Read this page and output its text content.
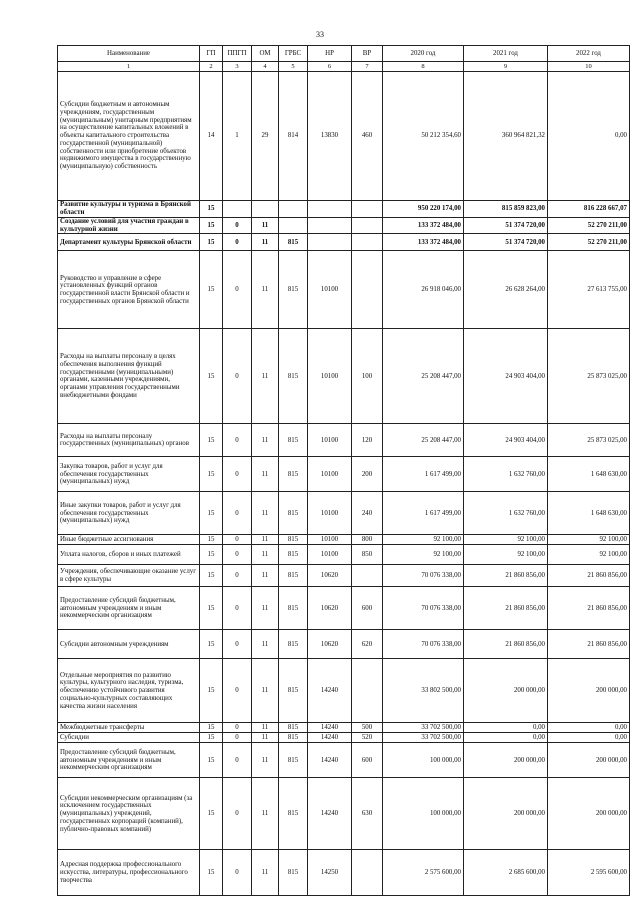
33
Наименование	ГП	ППГП	ОМ	ГРБС	НР	ВР	2020 год	2021 год	2022 год
1	2	3	4	5	6	7	8	9	10
Субсидии бюджетным и автономным учреждениям, государственным (муниципальным) унитарным предприятиям на осуществление капитальных вложений в объекты капитального строительства государственной (муниципальной) собственности или приобретение объектов недвижимого имущества в государственную (муниципальную) собственность	14	1	29	814	13830	460	50 212 354,60	360 964 821,32	0,00
Развитие культуры и туризма в Брянской области	15						950 220 174,00	815 859 823,00	816 228 667,07
Создание условий для участия граждан в культурной жизни	15	0	11				133 372 484,00	51 374 720,00	52 270 211,00
Департамент культуры Брянской области	15	0	11	815			133 372 484,00	51 374 720,00	52 270 211,00
Руководство и управление в сфере установленных функций органов государственной власти Брянской области и государственных органов Брянской области	15	0	11	815	10100		26 918 046,00	26 628 264,00	27 613 755,00
Расходы на выплаты персоналу в целях обеспечения выполнения функций государственными (муниципальными) органами, казенными учреждениями, органами управления государственными внебюджетными фондами	15	0	11	815	10100	100	25 208 447,00	24 903 404,00	25 873 025,00
Расходы на выплаты персоналу государственных (муниципальных) органов	15	0	11	815	10100	120	25 208 447,00	24 903 404,00	25 873 025,00
Закупка товаров, работ и услуг для обеспечения государственных (муниципальных) нужд	15	0	11	815	10100	200	1 617 499,00	1 632 760,00	1 648 630,00
Иные закупки товаров, работ и услуг для обеспечения государственных (муниципальных) нужд	15	0	11	815	10100	240	1 617 499,00	1 632 760,00	1 648 630,00
Иные бюджетные ассигнования	15	0	11	815	10100	800	92 100,00	92 100,00	92 100,00
Уплата налогов, сборов и иных платежей	15	0	11	815	10100	850	92 100,00	92 100,00	92 100,00
Учреждения, обеспечивающие оказание услуг в сфере культуры	15	0	11	815	10620		70 076 338,00	21 860 856,00	21 860 856,00
Предоставление субсидий бюджетным, автономным учреждениям и иным некоммерческим организациям	15	0	11	815	10620	600	70 076 338,00	21 860 856,00	21 860 856,00
Субсидии автономным учреждениям	15	0	11	815	10620	620	70 076 338,00	21 860 856,00	21 860 856,00
Отдельные мероприятия по развитию культуры, культурного наследия, туризма, обеспечению устойчивого развития социально-культурных составляющих качества жизни населения	15	0	11	815	14240		33 802 500,00	200 000,00	200 000,00
Межбюджетные трансферты	15	0	11	815	14240	500	33 702 500,00	0,00	0,00
Субсидии	15	0	11	815	14240	520	33 702 500,00	0,00	0,00
Предоставление субсидий бюджетным, автономным учреждениям и иным некоммерческим организациям	15	0	11	815	14240	600	100 000,00	200 000,00	200 000,00
Субсидии некоммерческим организациям (за исключением государственных (муниципальных) учреждений, государственных корпораций (компаний), публично-правовых компаний)	15	0	11	815	14240	630	100 000,00	200 000,00	200 000,00
Адресная поддержка профессионального искусства, литературы, профессионального творчества	15	0	11	815	14250		2 575 600,00	2 685 600,00	2 595 600,00
